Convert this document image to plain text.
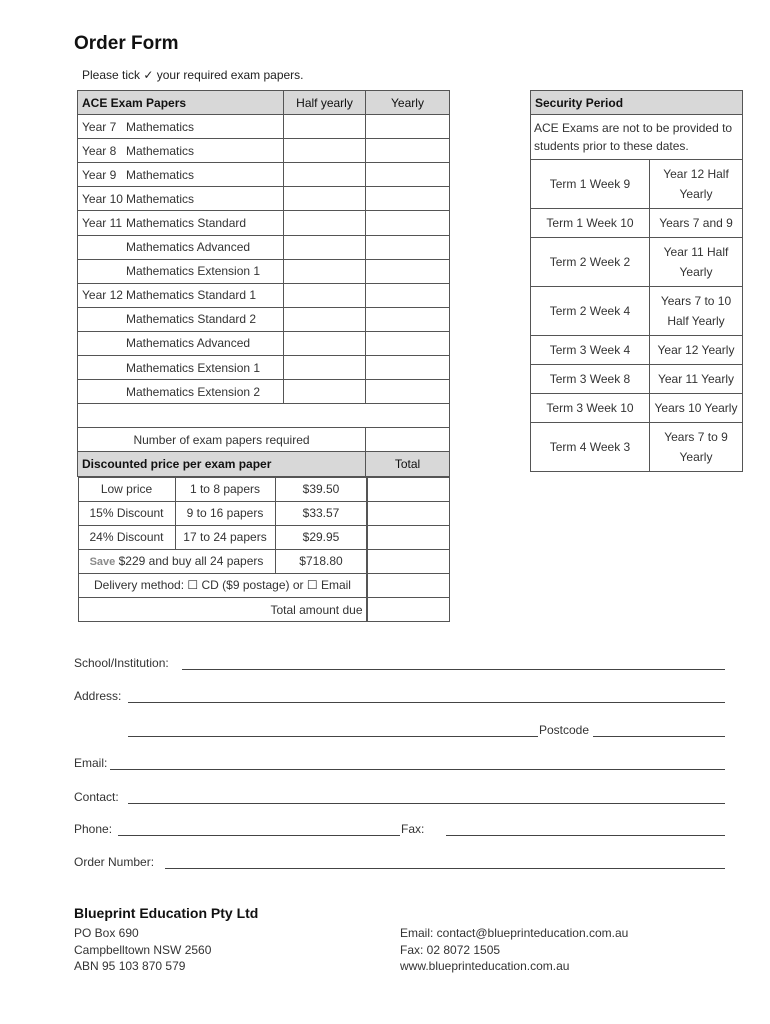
Order Form
Please tick ✓ your required exam papers.
ACE Exam Papers	Half yearly	Yearly
Year 7 Mathematics		
Year 8 Mathematics		
Year 9 Mathematics		
Year 10 Mathematics		
Year 11 Mathematics Standard		
Mathematics Advanced		
Mathematics Extension 1		
Year 12 Mathematics Standard 1		
Mathematics Standard 2		
Mathematics Advanced		
Mathematics Extension 1		
Mathematics Extension 2		

Number of exam papers required	
Discounted price per exam paper	Total

Low price	1 to 8 papers	$39.50
15% Discount	9 to 16 papers	$33.57
24% Discount	17 to 24 papers	$29.95
Save $229 and buy all 24 papers	$718.80
Delivery method: ☐ CD ($9 postage) or ☐ Email
Total amount due

Security Period	
ACE Exams are not to be provided to students prior to these dates.	
Term 1 Week 9	Year 12 Half Yearly
Term 1 Week 10	Years 7 and 9
Term 2 Week 2	Year 11 Half Yearly
Term 2 Week 4	Years 7 to 10 Half Yearly
Term 3 Week 4	Year 12 Yearly
Term 3 Week 8	Year 11 Yearly
Term 3 Week 10	Years 10 Yearly
Term 4 Week 3	Years 7 to 9 Yearly
School/Institution:
Address:
Postcode
Email:
Contact:
Phone:	Fax:
Order Number:
Blueprint Education Pty Ltd
PO Box 690
Campbelltown NSW 2560
ABN 95 103 870 579
Email: contact@blueprinteducation.com.au
Fax: 02 8072 1505
www.blueprinteducation.com.au
